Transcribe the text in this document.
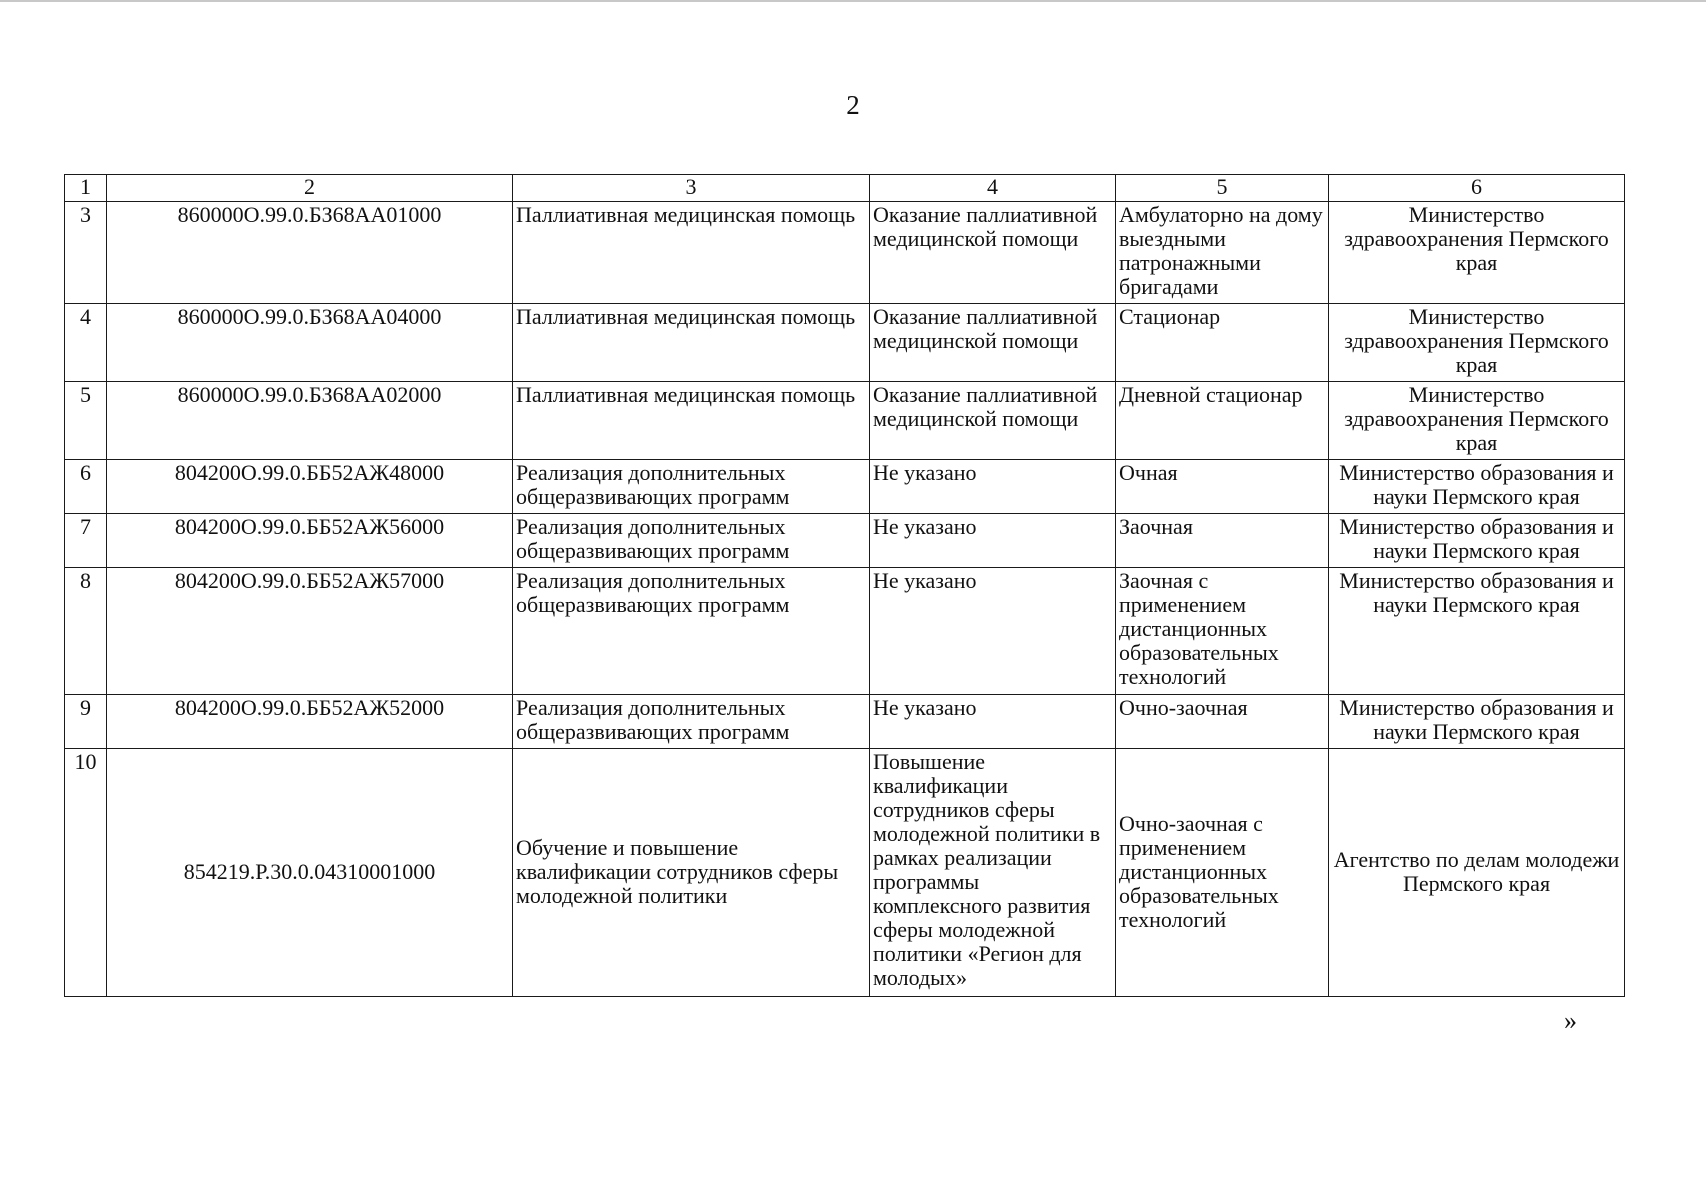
2
1	2	3	4	5	6
3	860000О.99.0.БЗ68АА01000	Паллиативная медицинская помощь	Оказание паллиативной медицинской помощи	Амбулаторно на дому выездными патронажными бригадами	Министерство здравоохранения Пермского края
4	860000О.99.0.БЗ68АА04000	Паллиативная медицинская помощь	Оказание паллиативной медицинской помощи	Стационар	Министерство здравоохранения Пермского края
5	860000О.99.0.БЗ68АА02000	Паллиативная медицинская помощь	Оказание паллиативной медицинской помощи	Дневной стационар	Министерство здравоохранения Пермского края
6	804200О.99.0.ББ52АЖ48000	Реализация дополнительных общеразвивающих программ	Не указано	Очная	Министерство образования и науки Пермского края
7	804200О.99.0.ББ52АЖ56000	Реализация дополнительных общеразвивающих программ	Не указано	Заочная	Министерство образования и науки Пермского края
8	804200О.99.0.ББ52АЖ57000	Реализация дополнительных общеразвивающих программ	Не указано	Заочная с применением дистанционных образовательных технологий	Министерство образования и науки Пермского края
9	804200О.99.0.ББ52АЖ52000	Реализация дополнительных общеразвивающих программ	Не указано	Очно-заочная	Министерство образования и науки Пермского края
10	854219.Р.30.0.04310001000	Обучение и повышение квалификации сотрудников сферы молодежной политики	Повышение квалификации сотрудников сферы молодежной политики в рамках реализации программы комплексного развития сферы молодежной политики «Регион для молодых»	Очно-заочная с применением дистанционных образовательных технологий	Агентство по делам молодежи Пермского края
»
